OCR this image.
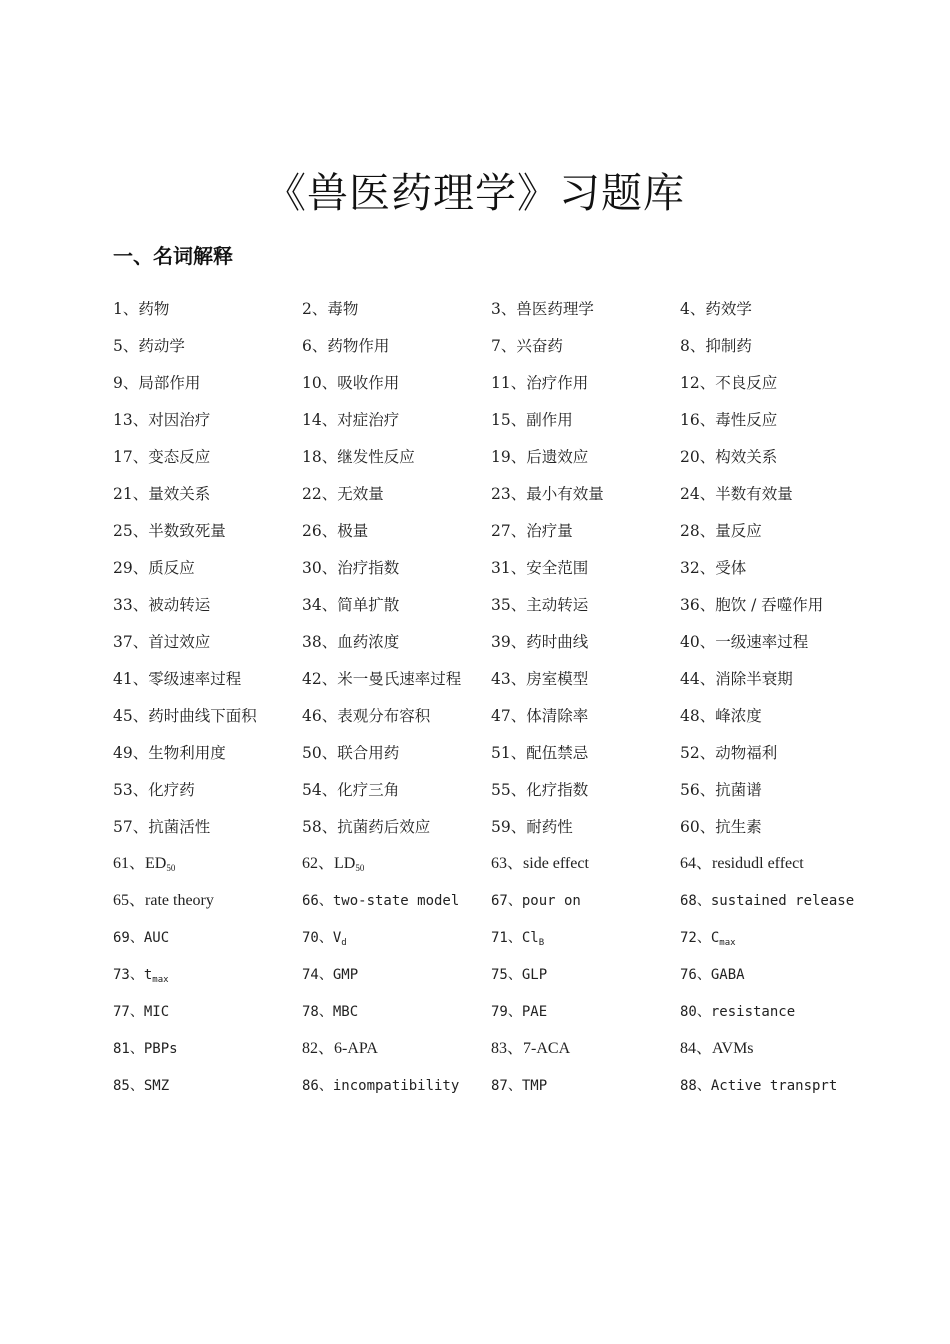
《兽医药理学》习题库
一、名词解释
1、药物	2、毒物	3、兽医药理学	4、药效学
5、药动学	6、药物作用	7、兴奋药	8、抑制药
9、局部作用	10、吸收作用	11、治疗作用	12、不良反应
13、对因治疗	14、对症治疗	15、副作用	16、毒性反应
17、变态反应	18、继发性反应	19、后遗效应	20、构效关系
21、量效关系	22、无效量	23、最小有效量	24、半数有效量
25、半数致死量	26、极量	27、治疗量	28、量反应
29、质反应	30、治疗指数	31、安全范围	32、受体
33、被动转运	34、简单扩散	35、主动转运	36、胞饮 / 吞噬作用
37、首过效应	38、血药浓度	39、药时曲线	40、一级速率过程
41、零级速率过程	42、米一曼氏速率过程	43、房室模型	44、消除半衰期
45、药时曲线下面积	46、表观分布容积	47、体清除率	48、峰浓度
49、生物利用度	50、联合用药	51、配伍禁忌	52、动物福利
53、化疗药	54、化疗三角	55、化疗指数	56、抗菌谱
57、抗菌活性	58、抗菌药后效应	59、耐药性	60、抗生素
61、$ED_{50}$	62、$LD_{50}$	63、side effect	64、residudl effect
65、rate theory	66、two-state model	67、pour on	68、sustained release
69、AUC	70、$V_d$	71、$Cl_B$	72、$C_{max}$
73、$t_{max}$	74、GMP	75、GLP	76、GABA
77、MIC	78、MBC	79、PAE	80、resistance
81、PBPs	82、6-APA	83、7-ACA	84、AVMs
85、SMZ	86、incompatibility	87、TMP	88、Active transprt
